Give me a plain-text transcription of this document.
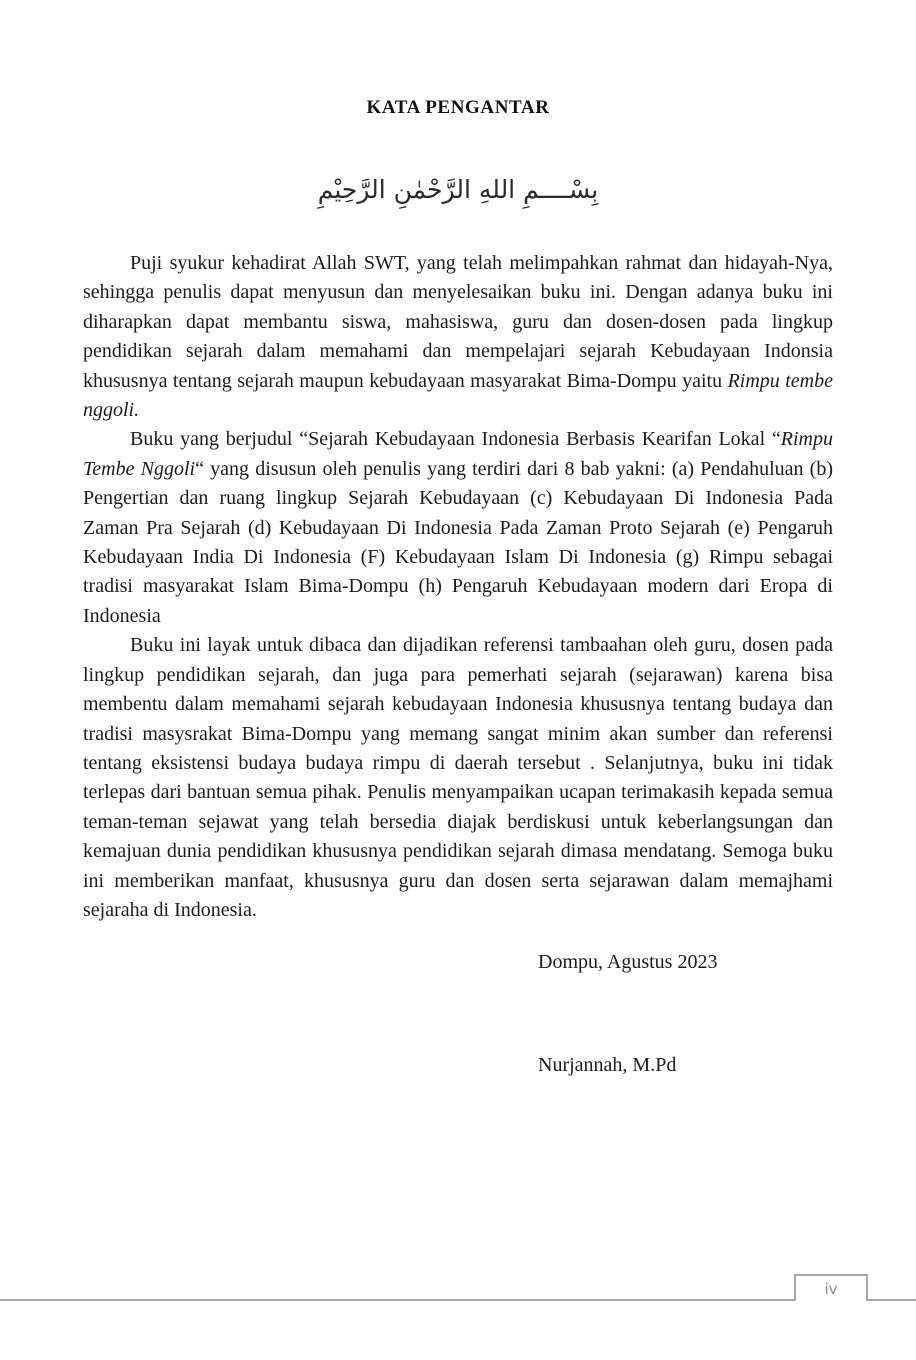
KATA PENGANTAR
بِسْــــمِ اللهِ الرَّحْمٰنِ الرَّحِيْمِ

Puji syukur kehadirat Allah SWT, yang telah melimpahkan rahmat dan hidayah-Nya, sehingga penulis dapat menyusun dan menyelesaikan buku ini. Dengan adanya buku ini diharapkan dapat membantu siswa, mahasiswa, guru dan dosen-dosen pada lingkup pendidikan sejarah dalam memahami dan mempelajari sejarah Kebudayaan Indonsia khususnya tentang sejarah maupun kebudayaan masyarakat Bima-Dompu yaitu Rimpu tembe nggoli.

Buku yang berjudul “Sejarah Kebudayaan Indonesia Berbasis Kearifan Lokal “Rimpu Tembe Nggoli“ yang disusun oleh penulis yang terdiri dari 8 bab yakni: (a) Pendahuluan (b) Pengertian dan ruang lingkup Sejarah Kebudayaan (c) Kebudayaan Di Indonesia Pada Zaman Pra Sejarah (d) Kebudayaan Di Indonesia Pada Zaman Proto Sejarah (e) Pengaruh Kebudayaan India Di Indonesia (F) Kebudayaan Islam Di Indonesia (g) Rimpu sebagai tradisi masyarakat Islam Bima-Dompu (h) Pengaruh Kebudayaan modern dari Eropa di Indonesia

Buku ini layak untuk dibaca dan dijadikan referensi tambaahan oleh guru, dosen pada lingkup pendidikan sejarah, dan juga para pemerhati sejarah (sejarawan) karena bisa membentu dalam memahami sejarah kebudayaan Indonesia khususnya tentang budaya dan tradisi masysrakat Bima-Dompu yang memang sangat minim akan sumber dan referensi tentang eksistensi budaya budaya rimpu di daerah tersebut . Selanjutnya, buku ini tidak terlepas dari bantuan semua pihak. Penulis menyampaikan ucapan terimakasih kepada semua teman-teman sejawat yang telah bersedia diajak berdiskusi untuk keberlangsungan dan kemajuan dunia pendidikan khususnya pendidikan sejarah dimasa mendatang. Semoga buku ini memberikan manfaat, khususnya guru dan dosen serta sejarawan dalam memajhami sejaraha di Indonesia.

Dompu, Agustus 2023
Nurjannah, M.Pd
iv
